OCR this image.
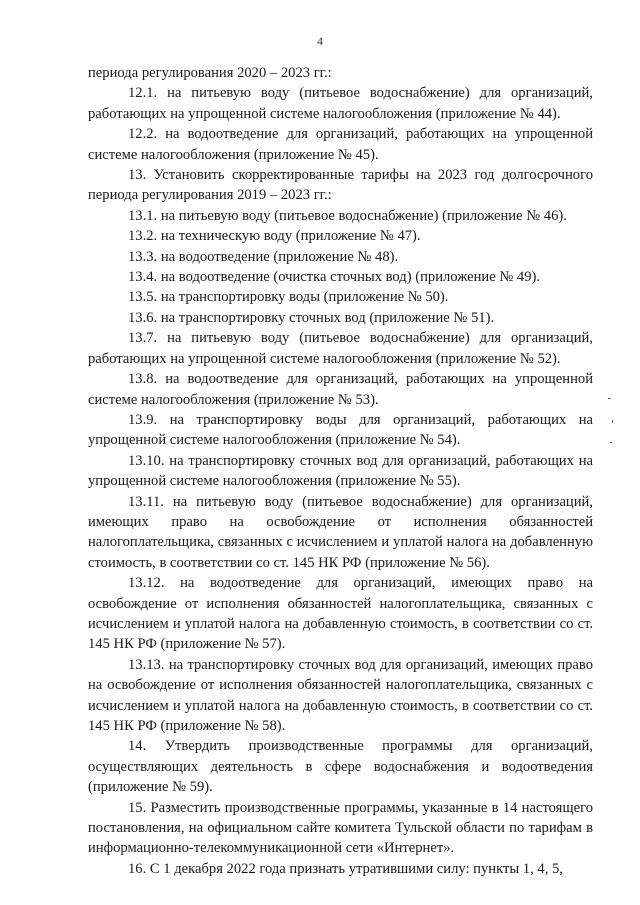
4

периода регулирования 2020 – 2023 гг.:

12.1. на питьевую воду (питьевое водоснабжение) для организаций, работающих на упрощенной системе налогообложения (приложение № 44).

12.2. на водоотведение для организаций, работающих на упрощенной системе налогообложения (приложение № 45).

13. Установить скорректированные тарифы на 2023 год долгосрочного периода регулирования 2019 – 2023 гг.:

13.1. на питьевую воду (питьевое водоснабжение) (приложение № 46).

13.2. на техническую воду (приложение № 47).

13.3. на водоотведение (приложение № 48).

13.4. на водоотведение (очистка сточных вод) (приложение № 49).

13.5. на транспортировку воды (приложение № 50).

13.6. на транспортировку сточных вод (приложение № 51).

13.7. на питьевую воду (питьевое водоснабжение) для организаций, работающих на упрощенной системе налогообложения (приложение № 52).

13.8. на водоотведение для организаций, работающих на упрощенной системе налогообложения (приложение № 53).

13.9. на транспортировку воды для организаций, работающих на упрощенной системе налогообложения (приложение № 54).

13.10. на транспортировку сточных вод для организаций, работающих на упрощенной системе налогообложения (приложение № 55).

13.11. на питьевую воду (питьевое водоснабжение) для организаций, имеющих право на освобождение от исполнения обязанностей налогоплательщика, связанных с исчислением и уплатой налога на добавленную стоимость, в соответствии со ст. 145 НК РФ (приложение № 56).

13.12. на водоотведение для организаций, имеющих право на освобождение от исполнения обязанностей налогоплательщика, связанных с исчислением и уплатой налога на добавленную стоимость, в соответствии со ст. 145 НК РФ (приложение № 57).

13.13. на транспортировку сточных вод для организаций, имеющих право на освобождение от исполнения обязанностей налогоплательщика, связанных с исчислением и уплатой налога на добавленную стоимость, в соответствии со ст. 145 НК РФ (приложение № 58).

14. Утвердить производственные программы для организаций, осуществляющих деятельность в сфере водоснабжения и водоотведения (приложение № 59).

15. Разместить производственные программы, указанные в 14 настоящего постановления, на официальном сайте комитета Тульской области по тарифам в информационно-телекоммуникационной сети «Интернет».

16. С 1 декабря 2022 года признать утратившими силу: пункты 1, 4, 5,
